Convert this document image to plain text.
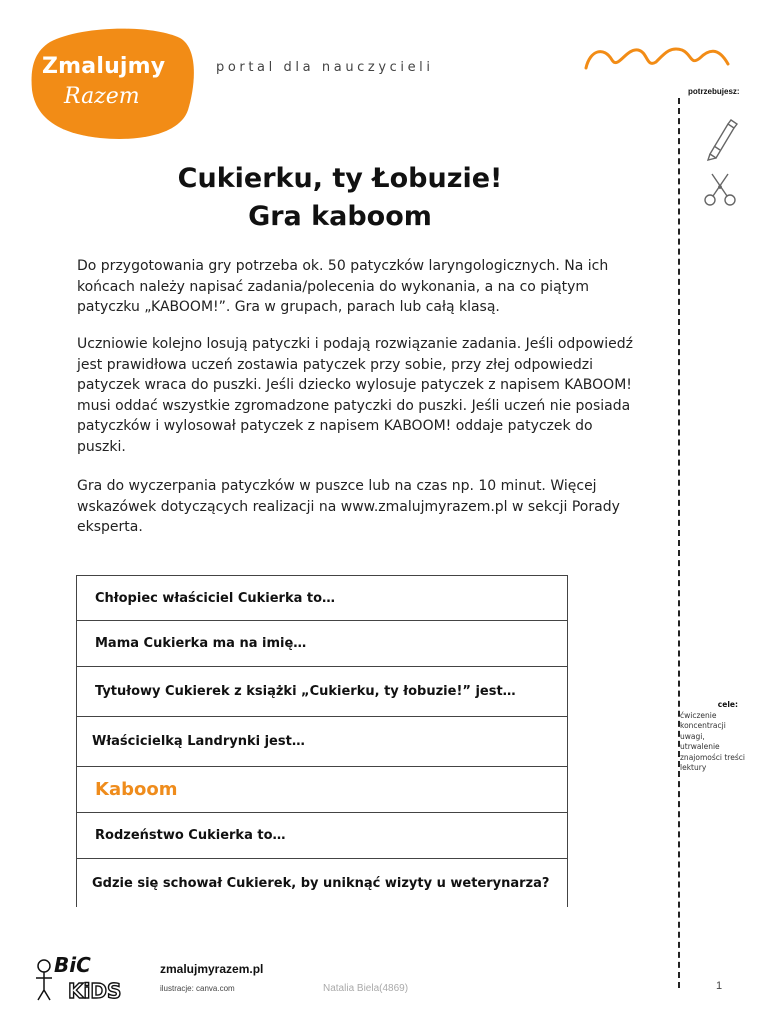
Zmalujmy
Razem
portal dla nauczycieli
potrzebujesz:
Cukierku, ty Łobuzie!
Gra kaboom

Do przygotowania gry potrzeba ok. 50 patyczków laryngologicznych. Na ich końcach należy napisać zadania/polecenia do wykonania, a na co piątym patyczku „KABOOM!”. Gra w grupach, parach lub całą klasą.

Uczniowie kolejno losują patyczki i podają rozwiązanie zadania. Jeśli odpowiedź jest prawidłowa uczeń zostawia patyczek przy sobie, przy złej odpowiedzi patyczek wraca do puszki. Jeśli dziecko wylosuje patyczek z napisem KABOOM! musi oddać wszystkie zgromadzone patyczki do puszki. Jeśli uczeń nie posiada patyczków i wylosował patyczek z napisem KABOOM! oddaje patyczek do puszki.

Gra do wyczerpania patyczków w puszce lub na czas np. 10 minut. Więcej wskazówek dotyczących realizacji na www.zmalujmyrazem.pl w sekcji Porady eksperta.

Chłopiec właściciel Cukierka to…
Mama Cukierka ma na imię…
Tytułowy Cukierek z książki „Cukierku, ty łobuzie!” jest…
Właścicielką Landrynki jest…
Kaboom
Rodzeństwo Cukierka to…
Gdzie się schował Cukierek, by uniknąć wizyty u weterynarza?
cele:
ćwiczenie koncentracji uwagi, utrwalenie znajomości treści lektury
BiC
KiDS
zmalujmyrazem.pl
ilustracje: canva.com	Natalia Biela(4869)	1
